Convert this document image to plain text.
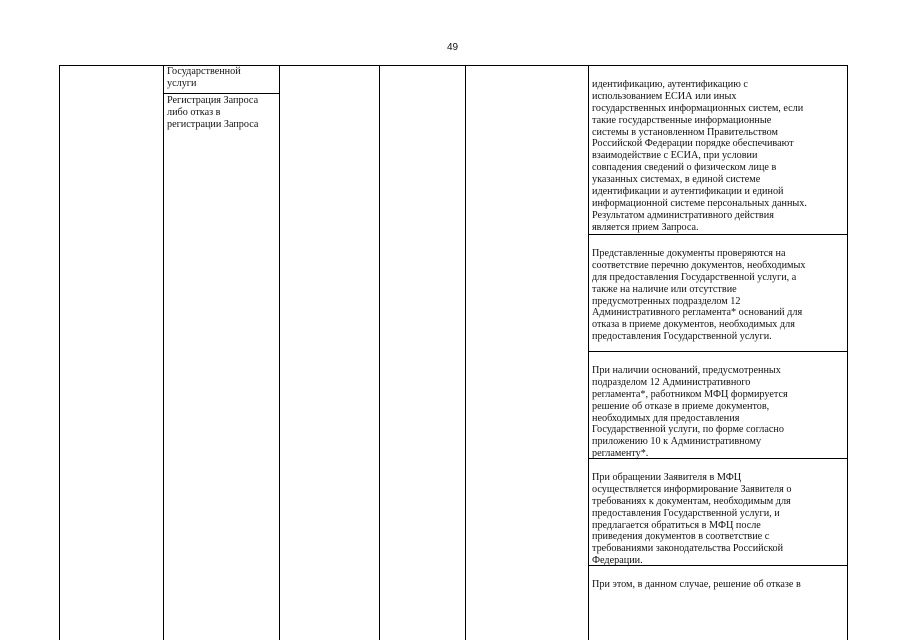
49
Государственной
услуги
Регистрация Запроса
либо отказ в
регистрации Запроса

идентификацию, аутентификацию с
использованием ЕСИА или иных
государственных информационных систем, если
такие государственные информационные
системы в установленном Правительством
Российской Федерации порядке обеспечивают
взаимодействие с ЕСИА, при условии
совпадения сведений о физическом лице в
указанных системах, в единой системе
идентификации и аутентификации и единой
информационной системе персональных данных.
Результатом административного действия
является прием Запроса.

Представленные документы проверяются на
соответствие перечню документов, необходимых
для предоставления Государственной услуги, а
также на наличие или отсутствие
предусмотренных подразделом 12
Административного регламента* оснований для
отказа в приеме документов, необходимых для
предоставления Государственной услуги.

При наличии оснований, предусмотренных
подразделом 12 Административного
регламента*, работником МФЦ формируется
решение об отказе в приеме документов,
необходимых для предоставления
Государственной услуги, по форме согласно
приложению 10 к Административному
регламенту*.

При обращении Заявителя в МФЦ
осуществляется информирование Заявителя о
требованиях к документам, необходимым для
предоставления Государственной услуги, и
предлагается обратиться в МФЦ после
приведения документов в соответствие с
требованиями законодательства Российской
Федерации.

При этом, в данном случае, решение об отказе в
